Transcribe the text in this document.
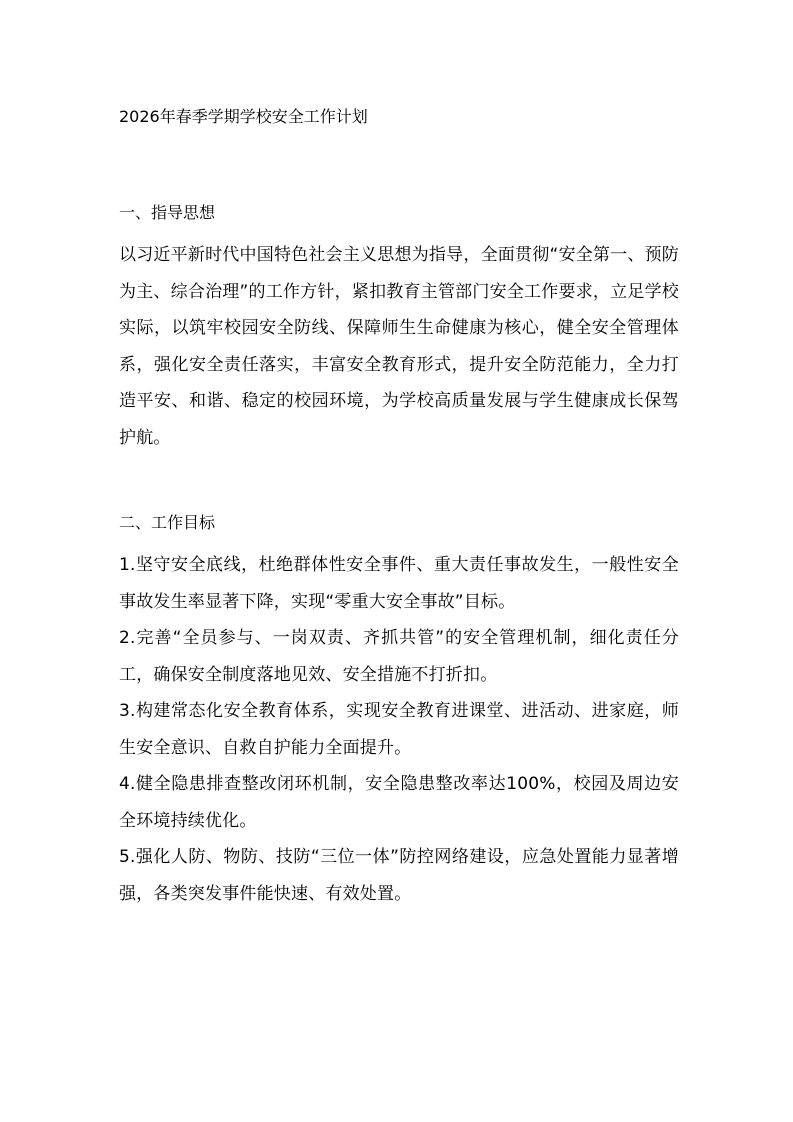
2026年春季学期学校安全工作计划

一、指导思想

以习近平新时代中国特色社会主义思想为指导，全面贯彻“安全第一、预防为主、综合治理”的工作方针，紧扣教育主管部门安全工作要求，立足学校实际，以筑牢校园安全防线、保障师生生命健康为核心，健全安全管理体系，强化安全责任落实，丰富安全教育形式，提升安全防范能力，全力打造平安、和谐、稳定的校园环境，为学校高质量发展与学生健康成长保驾护航。

二、工作目标

1.坚守安全底线，杜绝群体性安全事件、重大责任事故发生，一般性安全事故发生率显著下降，实现“零重大安全事故”目标。

2.完善“全员参与、一岗双责、齐抓共管”的安全管理机制，细化责任分工，确保安全制度落地见效、安全措施不打折扣。

3.构建常态化安全教育体系，实现安全教育进课堂、进活动、进家庭，师生安全意识、自救自护能力全面提升。

4.健全隐患排查整改闭环机制，安全隐患整改率达100%，校园及周边安全环境持续优化。

5.强化人防、物防、技防“三位一体”防控网络建设，应急处置能力显著增强，各类突发事件能快速、有效处置。
